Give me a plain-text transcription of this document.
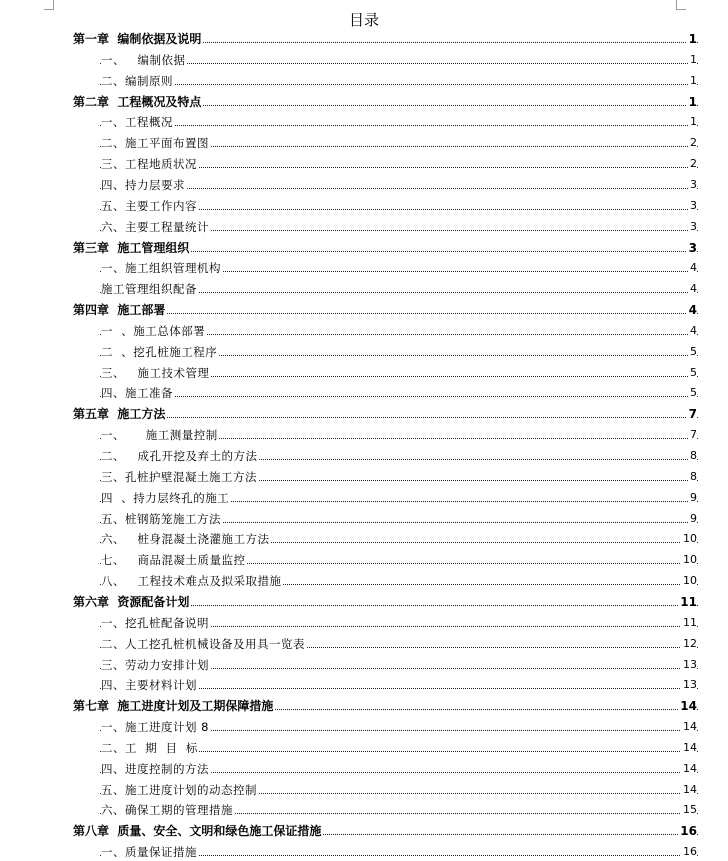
目录
第一章  编制依据及说明	1
一、   编制依据	1
二、编制原则	1
第二章  工程概况及特点	1
一、工程概况	1
二、施工平面布置图	2
三、工程地质状况	2
四、持力层要求	3
五、主要工作内容	3
六、主要工程量统计	3
第三章  施工管理组织	3
一、施工组织管理机构	4
施工管理组织配备	4
第四章  施工部署	4
一  、施工总体部署	4
二  、挖孔桩施工程序	5
三、   施工技术管理	5
四、施工准备	5
第五章  施工方法	7
一、     施工测量控制	7
二、   成孔开挖及弃土的方法	8
三、孔桩护壁混凝土施工方法	8
四  、持力层终孔的施工	9
五、桩钢筋笼施工方法	9
六、   桩身混凝土浇灌施工方法	10
七、   商品混凝土质量监控	10
八、   工程技术难点及拟采取措施	10
第六章  资源配备计划	11
一、挖孔桩配备说明	11
二、人工挖孔桩机械设备及用具一览表	12
三、劳动力安排计划	13
四、主要材料计划	13
第七章  施工进度计划及工期保障措施	14
一、施工进度计划 8	14
二、工  期  目  标	14
四、进度控制的方法	14
五、施工进度计划的动态控制	14
六、确保工期的管理措施	15
第八章  质量、安全、文明和绿色施工保证措施	16
一、质量保证措施	16
